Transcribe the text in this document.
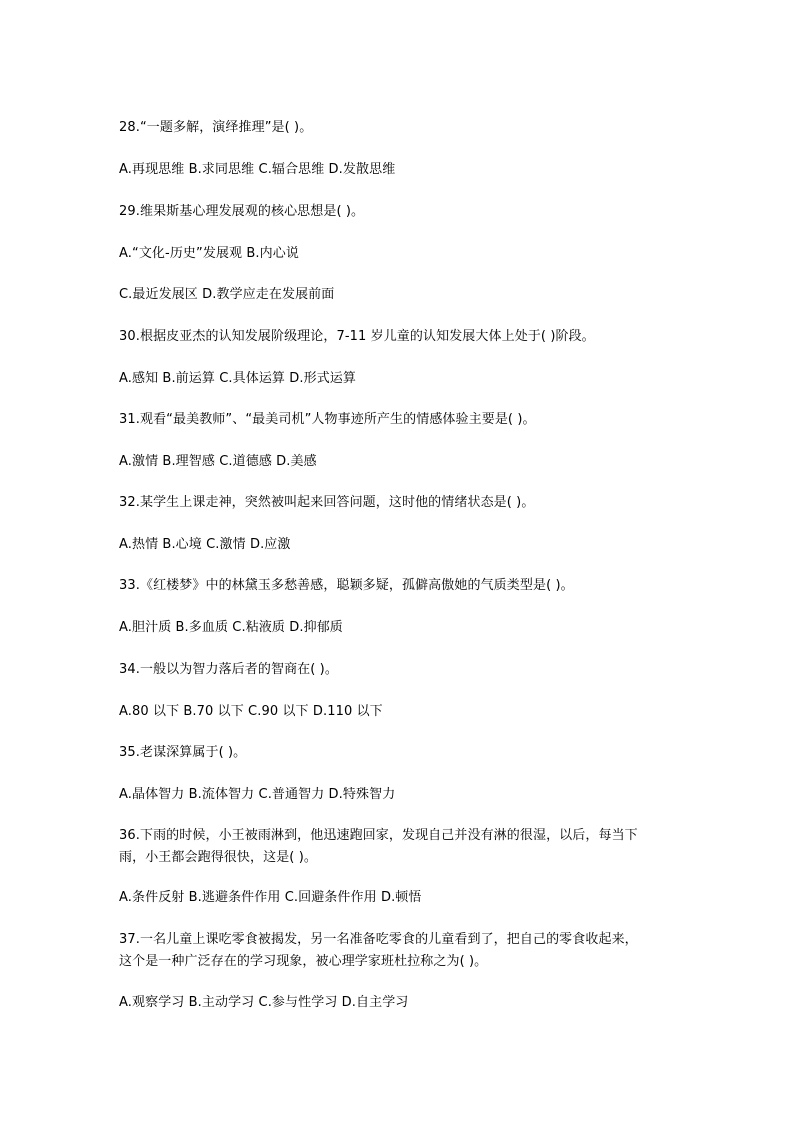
28.“一题多解，演绎推理”是( )。
A.再现思维 B.求同思维 C.辐合思维 D.发散思维
29.维果斯基心理发展观的核心思想是( )。
A.“文化-历史”发展观 B.内心说
C.最近发展区 D.教学应走在发展前面
30.根据皮亚杰的认知发展阶级理论，7-11 岁儿童的认知发展大体上处于( )阶段。
A.感知 B.前运算 C.具体运算 D.形式运算
31.观看“最美教师”、“最美司机”人物事迹所产生的情感体验主要是( )。
A.激情 B.理智感 C.道德感 D.美感
32.某学生上课走神，突然被叫起来回答问题，这时他的情绪状态是( )。
A.热情 B.心境 C.激情 D.应激
33.《红楼梦》中的林黛玉多愁善感，聪颖多疑，孤僻高傲她的气质类型是( )。
A.胆汁质 B.多血质 C.粘液质 D.抑郁质
34.一般以为智力落后者的智商在( )。
A.80 以下 B.70 以下 C.90 以下 D.110 以下
35.老谋深算属于( )。
A.晶体智力 B.流体智力 C.普通智力 D.特殊智力
36.下雨的时候，小王被雨淋到，他迅速跑回家，发现自己并没有淋的很湿，以后，每当下
雨，小王都会跑得很快，这是( )。
A.条件反射 B.逃避条件作用 C.回避条件作用 D.顿悟
37.一名儿童上课吃零食被揭发，另一名准备吃零食的儿童看到了，把自己的零食收起来，
这个是一种广泛存在的学习现象，被心理学家班杜拉称之为( )。
A.观察学习 B.主动学习 C.参与性学习 D.自主学习
